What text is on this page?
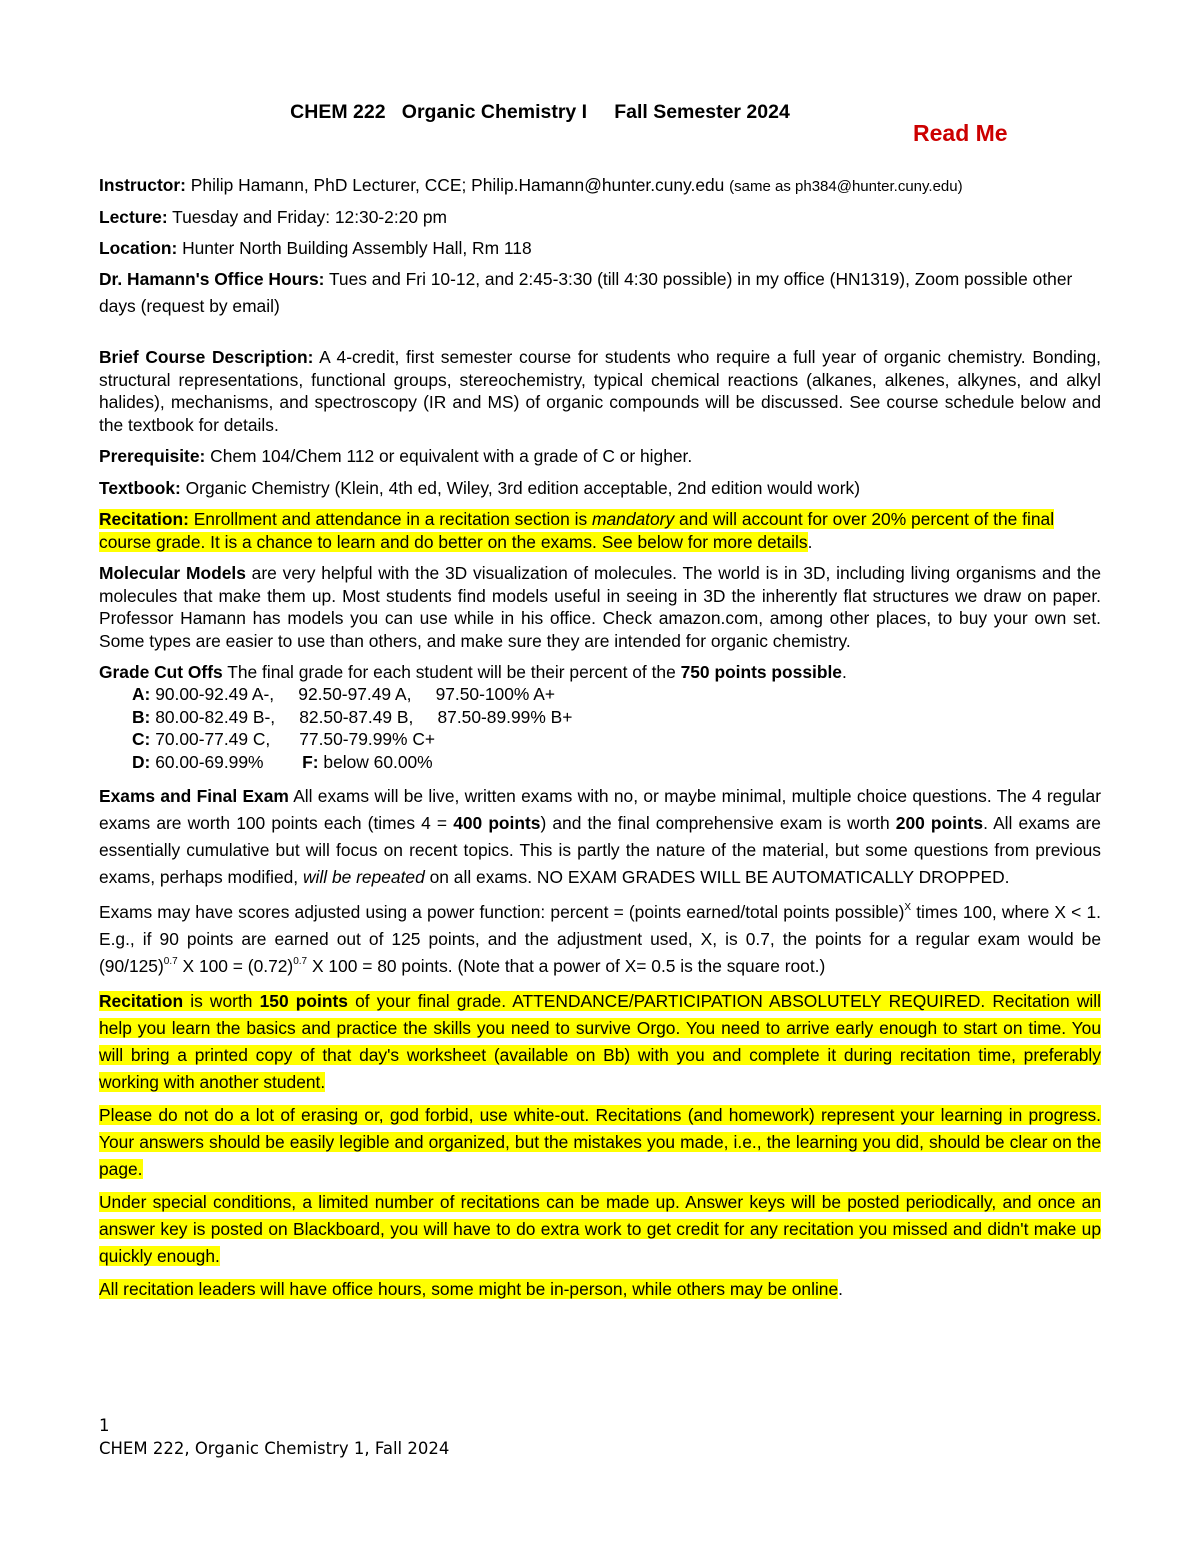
CHEM 222   Organic Chemistry I     Fall Semester 2024
Read Me

Instructor: Philip Hamann, PhD Lecturer, CCE; Philip.Hamann@hunter.cuny.edu (same as ph384@hunter.cuny.edu)

Lecture: Tuesday and Friday: 12:30-2:20 pm

Location: Hunter North Building Assembly Hall, Rm 118

Dr. Hamann's Office Hours: Tues and Fri 10-12, and 2:45-3:30 (till 4:30 possible) in my office (HN1319), Zoom possible other days (request by email)

Brief Course Description: A 4-credit, first semester course for students who require a full year of organic chemistry. Bonding, structural representations, functional groups, stereochemistry, typical chemical reactions (alkanes, alkenes, alkynes, and alkyl halides), mechanisms, and spectroscopy (IR and MS) of organic compounds will be discussed. See course schedule below and the textbook for details.

Prerequisite: Chem 104/Chem 112 or equivalent with a grade of C or higher.

Textbook: Organic Chemistry (Klein, 4th ed, Wiley, 3rd edition acceptable, 2nd edition would work)

Recitation: Enrollment and attendance in a recitation section is mandatory and will account for over 20% percent of the final course grade. It is a chance to learn and do better on the exams. See below for more details.

Molecular Models are very helpful with the 3D visualization of molecules. The world is in 3D, including living organisms and the molecules that make them up. Most students find models useful in seeing in 3D the inherently flat structures we draw on paper. Professor Hamann has models you can use while in his office. Check amazon.com, among other places, to buy your own set. Some types are easier to use than others, and make sure they are intended for organic chemistry.

Grade Cut Offs The final grade for each student will be their percent of the 750 points possible.

A: 90.00-92.49 A-,     92.50-97.49 A,     97.50-100% A+
B: 80.00-82.49 B-,     82.50-87.49 B,     87.50-89.99% B+
C: 70.00-77.49 C,      77.50-79.99% C+
D: 60.00-69.99%        F: below 60.00%

Exams and Final Exam All exams will be live, written exams with no, or maybe minimal, multiple choice questions. The 4 regular exams are worth 100 points each (times 4 = 400 points) and the final comprehensive exam is worth 200 points. All exams are essentially cumulative but will focus on recent topics. This is partly the nature of the material, but some questions from previous exams, perhaps modified, will be repeated on all exams. NO EXAM GRADES WILL BE AUTOMATICALLY DROPPED.

Exams may have scores adjusted using a power function: percent = (points earned/total points possible)$^X$ times 100, where X < 1. E.g., if 90 points are earned out of 125 points, and the adjustment used, X, is 0.7, the points for a regular exam would be $(90/125)^{0.7}$ X $100 = (0.72)^{0.7}$ X 100 = 80 points. (Note that a power of X= 0.5 is the square root.)

Recitation is worth 150 points of your final grade. ATTENDANCE/PARTICIPATION ABSOLUTELY REQUIRED. Recitation will help you learn the basics and practice the skills you need to survive Orgo. You need to arrive early enough to start on time. You will bring a printed copy of that day's worksheet (available on Bb) with you and complete it during recitation time, preferably working with another student.

Please do not do a lot of erasing or, god forbid, use white-out. Recitations (and homework) represent your learning in progress. Your answers should be easily legible and organized, but the mistakes you made, i.e., the learning you did, should be clear on the page.

Under special conditions, a limited number of recitations can be made up. Answer keys will be posted periodically, and once an answer key is posted on Blackboard, you will have to do extra work to get credit for any recitation you missed and didn't make up quickly enough.

All recitation leaders will have office hours, some might be in-person, while others may be online.

1
CHEM 222, Organic Chemistry 1, Fall 2024
